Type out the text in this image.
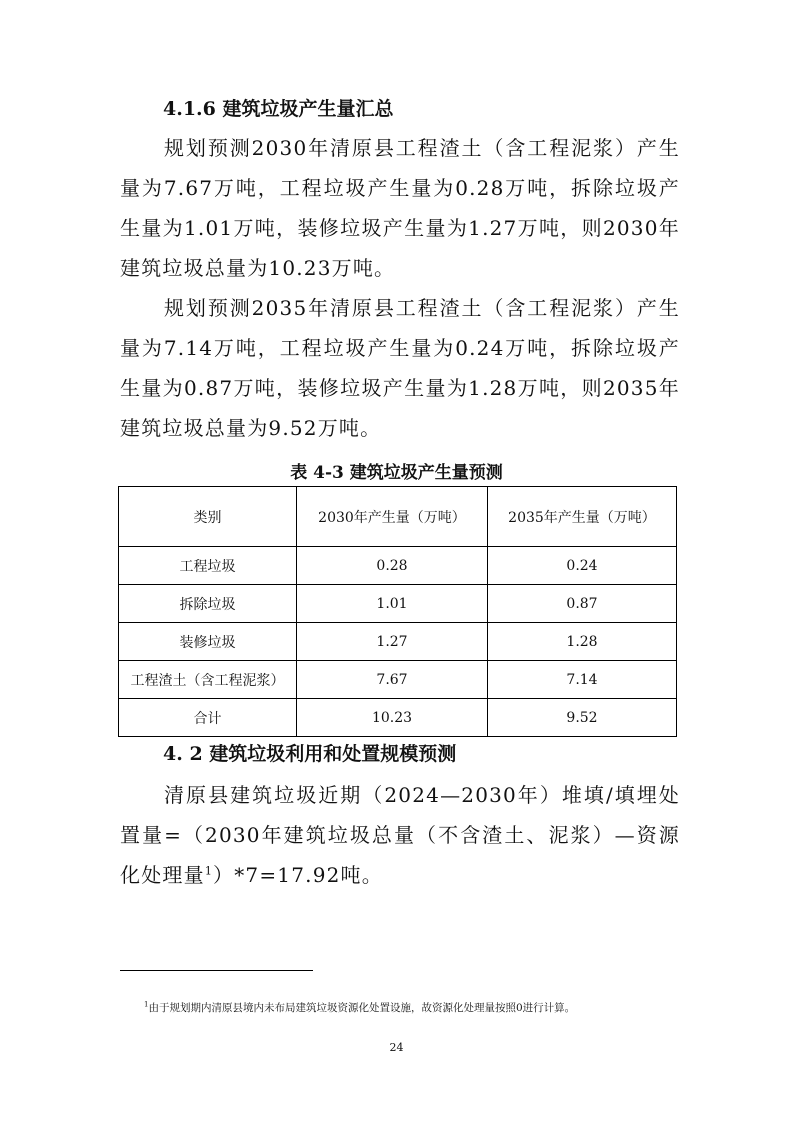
4.1.6 建筑垃圾产生量汇总

规划预测2030年清原县工程渣土（含工程泥浆）产生量为7.67万吨，工程垃圾产生量为0.28万吨，拆除垃圾产生量为1.01万吨，装修垃圾产生量为1.27万吨，则2030年建筑垃圾总量为10.23万吨。

规划预测2035年清原县工程渣土（含工程泥浆）产生量为7.14万吨，工程垃圾产生量为0.24万吨，拆除垃圾产生量为0.87万吨，装修垃圾产生量为1.28万吨，则2035年建筑垃圾总量为9.52万吨。

表 4-3 建筑垃圾产生量预测

类别	2030年产生量（万吨）	2035年产生量（万吨）
工程垃圾	0.28	0.24
拆除垃圾	1.01	0.87
装修垃圾	1.27	1.28
工程渣土（含工程泥浆）	7.67	7.14
合计	10.23	9.52
4. 2 建筑垃圾利用和处置规模预测

清原县建筑垃圾近期（2024—2030年）堆填/填埋处置量=（2030年建筑垃圾总量（不含渣土、泥浆）—资源化处理量$^1$）*7=17.92吨。

$^1$由于规划期内清原县境内未布局建筑垃圾资源化处置设施，故资源化处理量按照0进行计算。

24
